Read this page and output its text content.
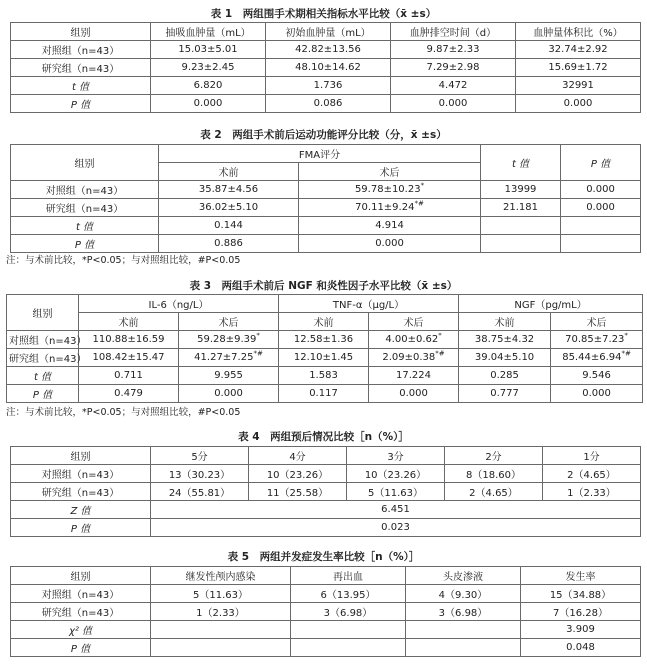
表 1　两组围手术期相关指标水平比较（x̄ ±s）
组别	抽吸血肿量（mL）	初始血肿量（mL）	血肿排空时间（d）	血肿量体积比（%）
对照组（n=43）	15.03±5.01	42.82±13.56	9.87±2.33	32.74±2.92
研究组（n=43）	9.23±2.45	48.10±14.62	7.29±2.98	15.69±1.72
t 值	6.820	1.736	4.472	32991
P 值	0.000	0.086	0.000	0.000
表 2　两组手术前后运动功能评分比较（分，x̄ ±s）
组别	FMA评分		t 值	P 值
	术前	术后		
对照组（n=43）	35.87±4.56	59.78±10.23*	13999	0.000
研究组（n=43）	36.02±5.10	70.11±9.24*#	21.181	0.000
t 值	0.144	4.914		
P 值	0.886	0.000		
注：与术前比较，*P<0.05；与对照组比较，#P<0.05
表 3　两组手术前后 NGF 和炎性因子水平比较（x̄ ±s）
组别	IL-6（ng/L）		TNF-α（μg/L）		NGF（pg/mL）	
	术前	术后	术前	术后	术前	术后
对照组（n=43）	110.88±16.59	59.28±9.39*	12.58±1.36	4.00±0.62*	38.75±4.32	70.85±7.23*
研究组（n=43）	108.42±15.47	41.27±7.25*#	12.10±1.45	2.09±0.38*#	39.04±5.10	85.44±6.94*#
t 值	0.711	9.955	1.583	17.224	0.285	9.546
P 值	0.479	0.000	0.117	0.000	0.777	0.000
注：与术前比较，*P<0.05；与对照组比较，#P<0.05
表 4　两组预后情况比较［n（%）］
组别	5分	4分	3分	2分	1分
对照组（n=43）	13（30.23）	10（23.26）	10（23.26）	8（18.60）	2（4.65）
研究组（n=43）	24（55.81）	11（25.58）	5（11.63）	2（4.65）	1（2.33）
Z 值	6.451				
P 值	0.023				
表 5　两组并发症发生率比较［n（%）］
组别	继发性颅内感染	再出血	头皮渗液	发生率
对照组（n=43）	5（11.63）	6（13.95）	4（9.30）	15（34.88）
研究组（n=43）	1（2.33）	3（6.98）	3（6.98）	7（16.28）
χ² 值				3.909
P 值				0.048
